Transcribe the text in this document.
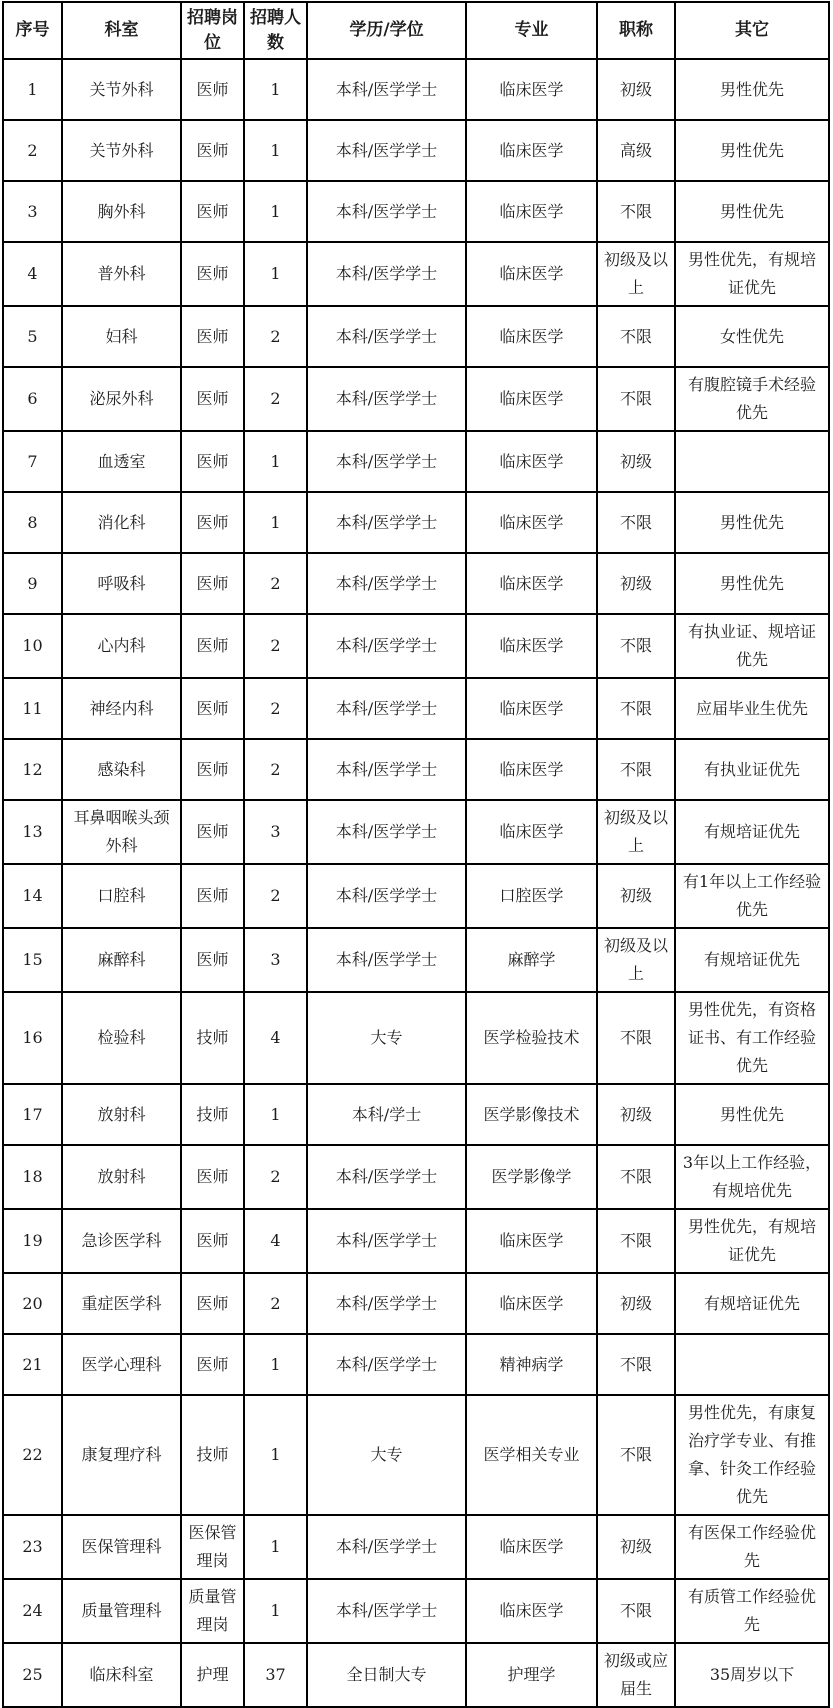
序号	科室	招聘岗位	招聘人数	学历/学位	专业	职称	其它
1	关节外科	医师	1	本科/医学学士	临床医学	初级	男性优先
2	关节外科	医师	1	本科/医学学士	临床医学	高级	男性优先
3	胸外科	医师	1	本科/医学学士	临床医学	不限	男性优先
4	普外科	医师	1	本科/医学学士	临床医学	初级及以上	男性优先，有规培证优先
5	妇科	医师	2	本科/医学学士	临床医学	不限	女性优先
6	泌尿外科	医师	2	本科/医学学士	临床医学	不限	有腹腔镜手术经验优先
7	血透室	医师	1	本科/医学学士	临床医学	初级	
8	消化科	医师	1	本科/医学学士	临床医学	不限	男性优先
9	呼吸科	医师	2	本科/医学学士	临床医学	初级	男性优先
10	心内科	医师	2	本科/医学学士	临床医学	不限	有执业证、规培证优先
11	神经内科	医师	2	本科/医学学士	临床医学	不限	应届毕业生优先
12	感染科	医师	2	本科/医学学士	临床医学	不限	有执业证优先
13	耳鼻咽喉头颈外科	医师	3	本科/医学学士	临床医学	初级及以上	有规培证优先
14	口腔科	医师	2	本科/医学学士	口腔医学	初级	有1年以上工作经验优先
15	麻醉科	医师	3	本科/医学学士	麻醉学	初级及以上	有规培证优先
16	检验科	技师	4	大专	医学检验技术	不限	男性优先，有资格证书、有工作经验优先
17	放射科	技师	1	本科/学士	医学影像技术	初级	男性优先
18	放射科	医师	2	本科/医学学士	医学影像学	不限	3年以上工作经验，有规培优先
19	急诊医学科	医师	4	本科/医学学士	临床医学	不限	男性优先，有规培证优先
20	重症医学科	医师	2	本科/医学学士	临床医学	初级	有规培证优先
21	医学心理科	医师	1	本科/医学学士	精神病学	不限	
22	康复理疗科	技师	1	大专	医学相关专业	不限	男性优先，有康复治疗学专业、有推拿、针灸工作经验优先
23	医保管理科	医保管理岗	1	本科/医学学士	临床医学	初级	有医保工作经验优先
24	质量管理科	质量管理岗	1	本科/医学学士	临床医学	不限	有质管工作经验优先
25	临床科室	护理	37	全日制大专	护理学	初级或应届生	35周岁以下
